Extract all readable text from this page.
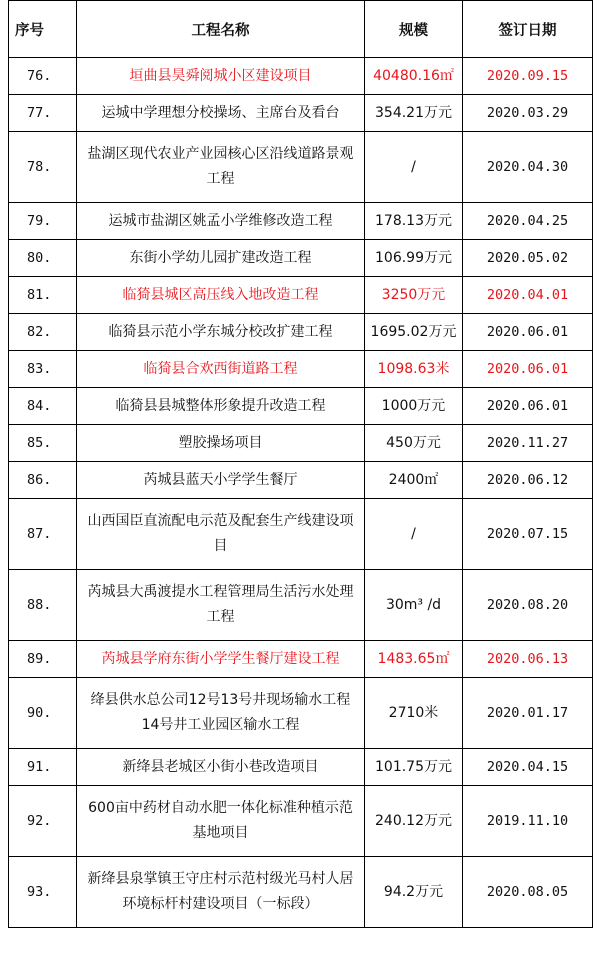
序号	工程名称	规模	签订日期
76.	垣曲县昊舜阅城小区建设项目	40480.16㎡	2020.09.15
77.	运城中学理想分校操场、主席台及看台	354.21万元	2020.03.29
78.	盐湖区现代农业产业园核心区沿线道路景观工程	/	2020.04.30
79.	运城市盐湖区姚孟小学维修改造工程	178.13万元	2020.04.25
80.	东街小学幼儿园扩建改造工程	106.99万元	2020.05.02
81.	临猗县城区高压线入地改造工程	3250万元	2020.04.01
82.	临猗县示范小学东城分校改扩建工程	1695.02万元	2020.06.01
83.	临猗县合欢西街道路工程	1098.63米	2020.06.01
84.	临猗县县城整体形象提升改造工程	1000万元	2020.06.01
85.	塑胶操场项目	450万元	2020.11.27
86.	芮城县蓝天小学学生餐厅	2400㎡	2020.06.12
87.	山西国臣直流配电示范及配套生产线建设项目	/	2020.07.15
88.	芮城县大禹渡提水工程管理局生活污水处理工程	30m³ /d	2020.08.20
89.	芮城县学府东街小学学生餐厅建设工程	1483.65㎡	2020.06.13
90.	绛县供水总公司12号13号井现场输水工程14号井工业园区输水工程	2710米	2020.01.17
91.	新绛县老城区小街小巷改造项目	101.75万元	2020.04.15
92.	600亩中药材自动水肥一体化标准种植示范基地项目	240.12万元	2019.11.10
93.	新绛县泉掌镇王守庄村示范村级光马村人居环境标杆村建设项目（一标段）	94.2万元	2020.08.05
